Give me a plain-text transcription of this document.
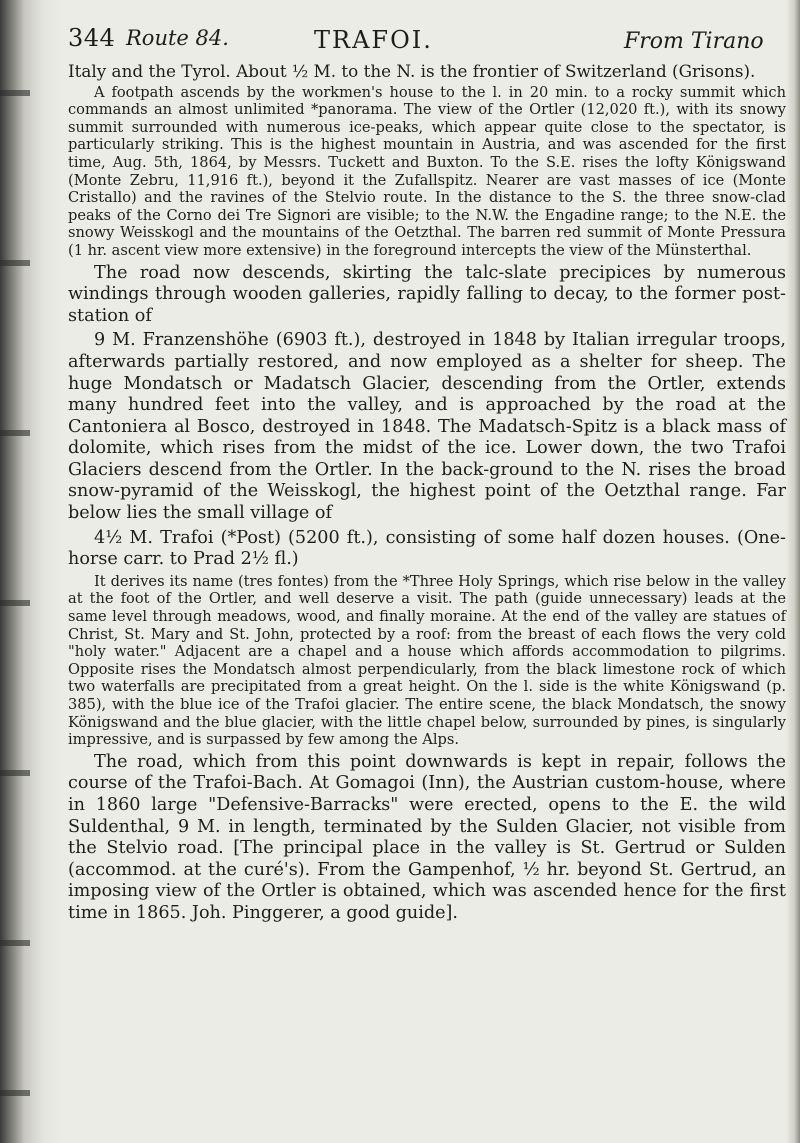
344 Route 84.	TRAFOI.	From Tirano

Italy and the Tyrol. About ½ M. to the N. is the frontier of Switzerland (Grisons).

A footpath ascends by the workmen's house to the l. in 20 min. to a rocky summit which commands an almost unlimited *panorama. The view of the Ortler (12,020 ft.), with its snowy summit surrounded with numerous ice-peaks, which appear quite close to the spectator, is particularly striking. This is the highest mountain in Austria, and was ascended for the first time, Aug. 5th, 1864, by Messrs. Tuckett and Buxton. To the S.E. rises the lofty Königswand (Monte Zebru, 11,916 ft.), beyond it the Zufallspitz. Nearer are vast masses of ice (Monte Cristallo) and the ravines of the Stelvio route. In the distance to the S. the three snow-clad peaks of the Corno dei Tre Signori are visible; to the N.W. the Engadine range; to the N.E. the snowy Weisskogl and the mountains of the Oetzthal. The barren red summit of Monte Pressura (1 hr. ascent view more extensive) in the foreground intercepts the view of the Münsterthal.

The road now descends, skirting the talc-slate precipices by numerous windings through wooden galleries, rapidly falling to decay, to the former post-station of

9 M. Franzenshöhe (6903 ft.), destroyed in 1848 by Italian irregular troops, afterwards partially restored, and now employed as a shelter for sheep. The huge Mondatsch or Madatsch Glacier, descending from the Ortler, extends many hundred feet into the valley, and is approached by the road at the Cantoniera al Bosco, destroyed in 1848. The Madatsch-Spitz is a black mass of dolomite, which rises from the midst of the ice. Lower down, the two Trafoi Glaciers descend from the Ortler. In the back-ground to the N. rises the broad snow-pyramid of the Weisskogl, the highest point of the Oetzthal range. Far below lies the small village of

4½ M. Trafoi (*Post) (5200 ft.), consisting of some half dozen houses. (One-horse carr. to Prad 2½ fl.)

It derives its name (tres fontes) from the *Three Holy Springs, which rise below in the valley at the foot of the Ortler, and well deserve a visit. The path (guide unnecessary) leads at the same level through meadows, wood, and finally moraine. At the end of the valley are statues of Christ, St. Mary and St. John, protected by a roof: from the breast of each flows the very cold "holy water." Adjacent are a chapel and a house which affords accommodation to pilgrims. Opposite rises the Mondatsch almost perpendicularly, from the black limestone rock of which two waterfalls are precipitated from a great height. On the l. side is the white Königswand (p. 385), with the blue ice of the Trafoi glacier. The entire scene, the black Mondatsch, the snowy Königswand and the blue glacier, with the little chapel below, surrounded by pines, is singularly impressive, and is surpassed by few among the Alps.

The road, which from this point downwards is kept in repair, follows the course of the Trafoi-Bach. At Gomagoi (Inn), the Austrian custom-house, where in 1860 large "Defensive-Barracks" were erected, opens to the E. the wild Suldenthal, 9 M. in length, terminated by the Sulden Glacier, not visible from the Stelvio road. [The principal place in the valley is St. Gertrud or Sulden (accommod. at the curé's). From the Gampenhof, ½ hr. beyond St. Gertrud, an imposing view of the Ortler is obtained, which was ascended hence for the first time in 1865. Joh. Pinggerer, a good guide].
